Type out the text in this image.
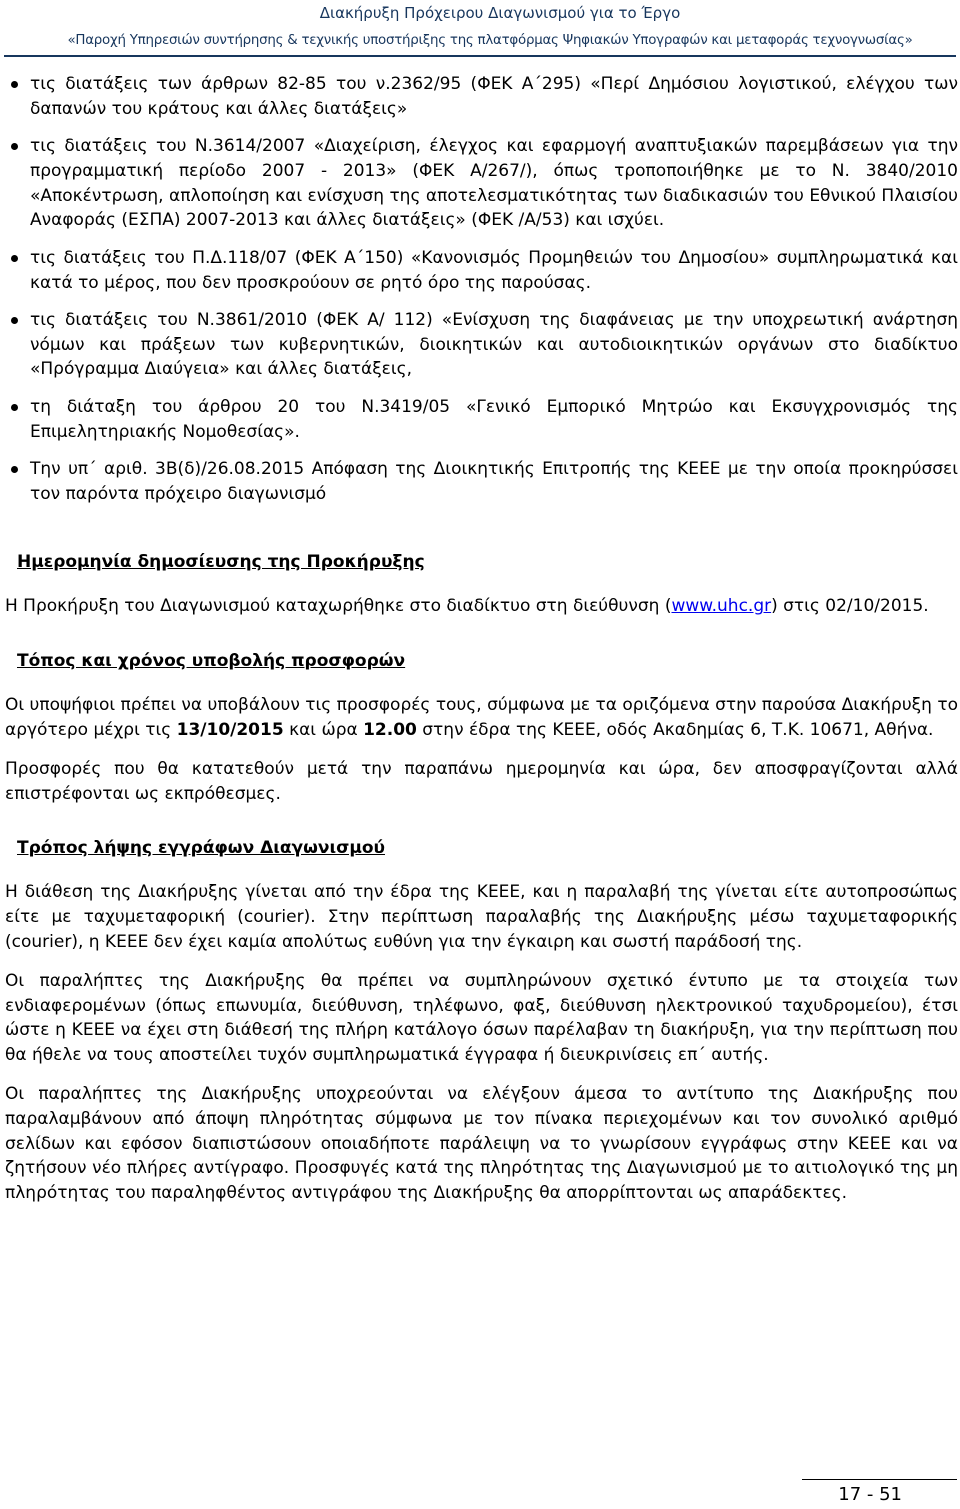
Διακήρυξη Πρόχειρου Διαγωνισμού για το Έργο
«Παροχή Υπηρεσιών συντήρησης & τεχνικής υποστήριξης της πλατφόρμας Ψηφιακών Υπογραφών και μεταφοράς τεχνογνωσίας»
τις διατάξεις των άρθρων 82-85 του ν.2362/95 (ΦΕΚ Α΄295) «Περί Δημόσιου λογιστικού, ελέγχου των δαπανών του κράτους και άλλες διατάξεις»
τις διατάξεις του Ν.3614/2007 «Διαχείριση, έλεγχος και εφαρμογή αναπτυξιακών παρεμβάσεων για την προγραμματική περίοδο 2007 - 2013» (ΦΕΚ Α/267/), όπως τροποποιήθηκε με το Ν. 3840/2010 «Αποκέντρωση, απλοποίηση και ενίσχυση της αποτελεσματικότητας των διαδικασιών του Εθνικού Πλαισίου Αναφοράς (ΕΣΠΑ) 2007-2013 και άλλες διατάξεις» (ΦΕΚ /Α/53) και ισχύει.
τις διατάξεις του Π.Δ.118/07 (ΦΕΚ Α΄150) «Κανονισμός Προμηθειών του Δημοσίου» συμπληρωματικά και κατά το μέρος, που δεν προσκρούουν σε ρητό όρο της παρούσας.
τις διατάξεις του Ν.3861/2010 (ΦΕΚ Α/ 112) «Ενίσχυση της διαφάνειας με την υποχρεωτική ανάρτηση νόμων και πράξεων των κυβερνητικών, διοικητικών και αυτοδιοικητικών οργάνων στο διαδίκτυο «Πρόγραμμα Διαύγεια» και άλλες διατάξεις,
τη διάταξη του άρθρου 20 του Ν.3419/05 «Γενικό Εμπορικό Μητρώο και Εκσυγχρονισμός της Επιμελητηριακής Νομοθεσίας».
Την υπ΄ αριθ. 3Β(δ)/26.08.2015 Απόφαση της Διοικητικής Επιτροπής της ΚΕΕΕ με την οποία προκηρύσσει τον παρόντα πρόχειρο διαγωνισμό
Ημερομηνία δημοσίευσης της Προκήρυξης

Η Προκήρυξη του Διαγωνισμού καταχωρήθηκε στο διαδίκτυο στη διεύθυνση (www.uhc.gr) στις 02/10/2015.

Τόπος και χρόνος υποβολής προσφορών

Οι υποψήφιοι πρέπει να υποβάλουν τις προσφορές τους, σύμφωνα με τα οριζόμενα στην παρούσα Διακήρυξη το αργότερο μέχρι τις 13/10/2015 και ώρα 12.00 στην έδρα της ΚΕΕΕ, οδός Ακαδημίας 6, Τ.Κ. 10671, Αθήνα.

Προσφορές που θα κατατεθούν μετά την παραπάνω ημερομηνία και ώρα, δεν αποσφραγίζονται αλλά επιστρέφονται ως εκπρόθεσμες.

Τρόπος λήψης εγγράφων Διαγωνισμού

Η διάθεση της Διακήρυξης γίνεται από την έδρα της ΚΕΕΕ, και η παραλαβή της γίνεται είτε αυτοπροσώπως είτε με ταχυμεταφορική (courier). Στην περίπτωση παραλαβής της Διακήρυξης μέσω ταχυμεταφορικής (courier), η ΚΕΕΕ δεν έχει καμία απολύτως ευθύνη για την έγκαιρη και σωστή παράδοσή της.

Οι παραλήπτες της Διακήρυξης θα πρέπει να συμπληρώνουν σχετικό έντυπο με τα στοιχεία των ενδιαφερομένων (όπως επωνυμία, διεύθυνση, τηλέφωνο, φαξ, διεύθυνση ηλεκτρονικού ταχυδρομείου), έτσι ώστε η ΚΕΕΕ να έχει στη διάθεσή της πλήρη κατάλογο όσων παρέλαβαν τη διακήρυξη, για την περίπτωση που θα ήθελε να τους αποστείλει τυχόν συμπληρωματικά έγγραφα ή διευκρινίσεις επ΄ αυτής.

Οι παραλήπτες της Διακήρυξης υποχρεούνται να ελέγξουν άμεσα το αντίτυπο της Διακήρυξης που παραλαμβάνουν από άποψη πληρότητας σύμφωνα με τον πίνακα περιεχομένων και τον συνολικό αριθμό σελίδων και εφόσον διαπιστώσουν οποιαδήποτε παράλειψη να το γνωρίσουν εγγράφως στην ΚΕΕΕ και να ζητήσουν νέο πλήρες αντίγραφο. Προσφυγές κατά της πληρότητας της Διαγωνισμού με το αιτιολογικό της μη πληρότητας του παραληφθέντος αντιγράφου της Διακήρυξης θα απορρίπτονται ως απαράδεκτες.

17 - 51
